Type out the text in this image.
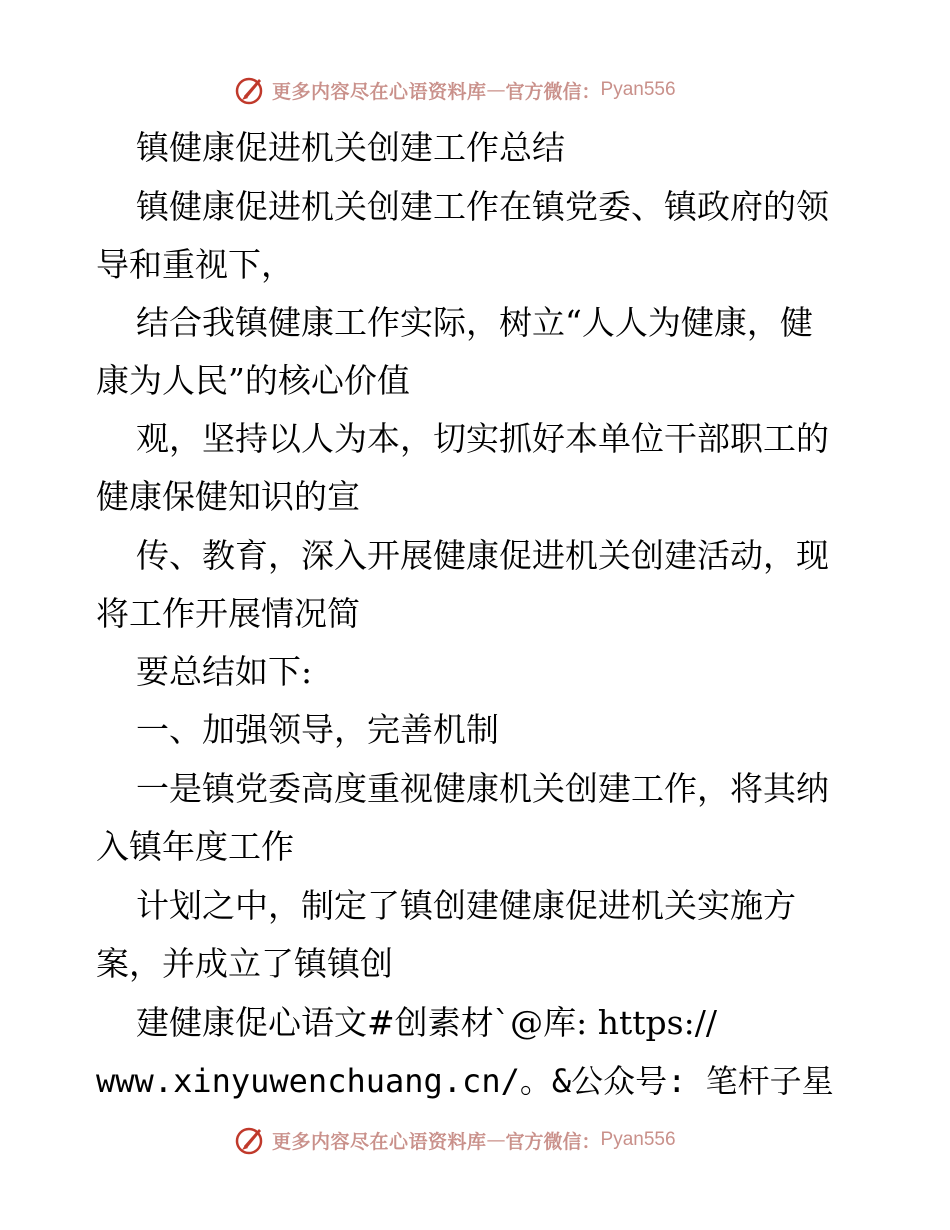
更多内容尽在心语资料库 — 官方微信： Pyan556
镇健康促进机关创建工作总结
镇健康促进机关创建工作在镇党委、镇政府的领
导和重视下，
结合我镇健康工作实际，树立“人人为健康，健
康为人民”的核心价值
观，坚持以人为本，切实抓好本单位干部职工的
健康保健知识的宣
传、教育，深入开展健康促进机关创建活动，现
将工作开展情况简
要总结如下:
一、加强领导，完善机制
一是镇党委高度重视健康机关创建工作，将其纳
入镇年度工作
计划之中，制定了镇创建健康促进机关实施方
案，并成立了镇镇创
建健康促心语文#创素材`@库: https://
www.xinyuwenchuang.cn/。&公众号: 笔杆子星
更多内容尽在心语资料库 — 官方微信： Pyan556
